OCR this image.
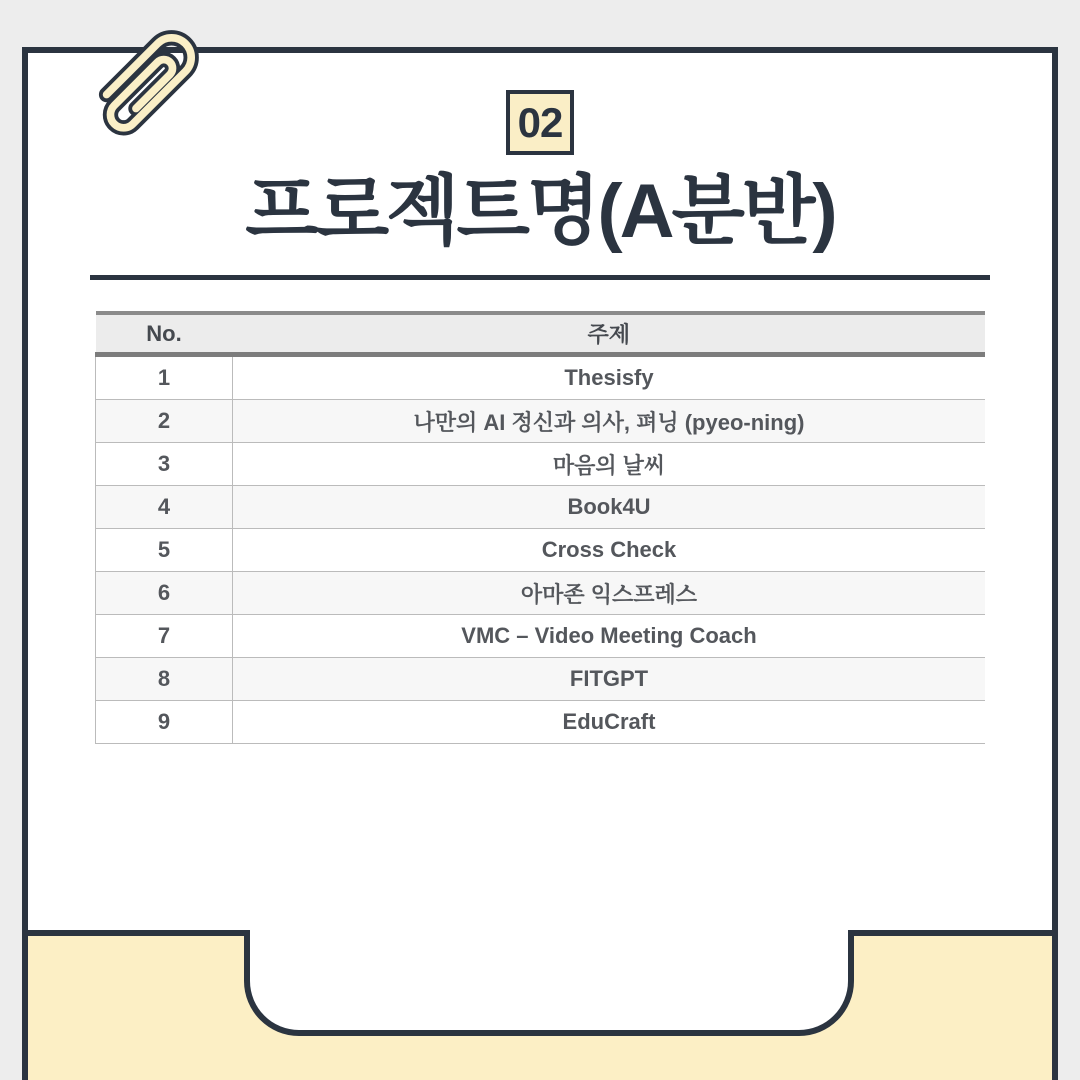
02
프로젝트명(A분반)
No.	주제
1	Thesisfy
2	나만의 AI 정신과 의사, 펴닝 (pyeo-ning)
3	마음의 날씨
4	Book4U
5	Cross Check
6	아마존 익스프레스
7	VMC – Video Meeting Coach
8	FITGPT
9	EduCraft
